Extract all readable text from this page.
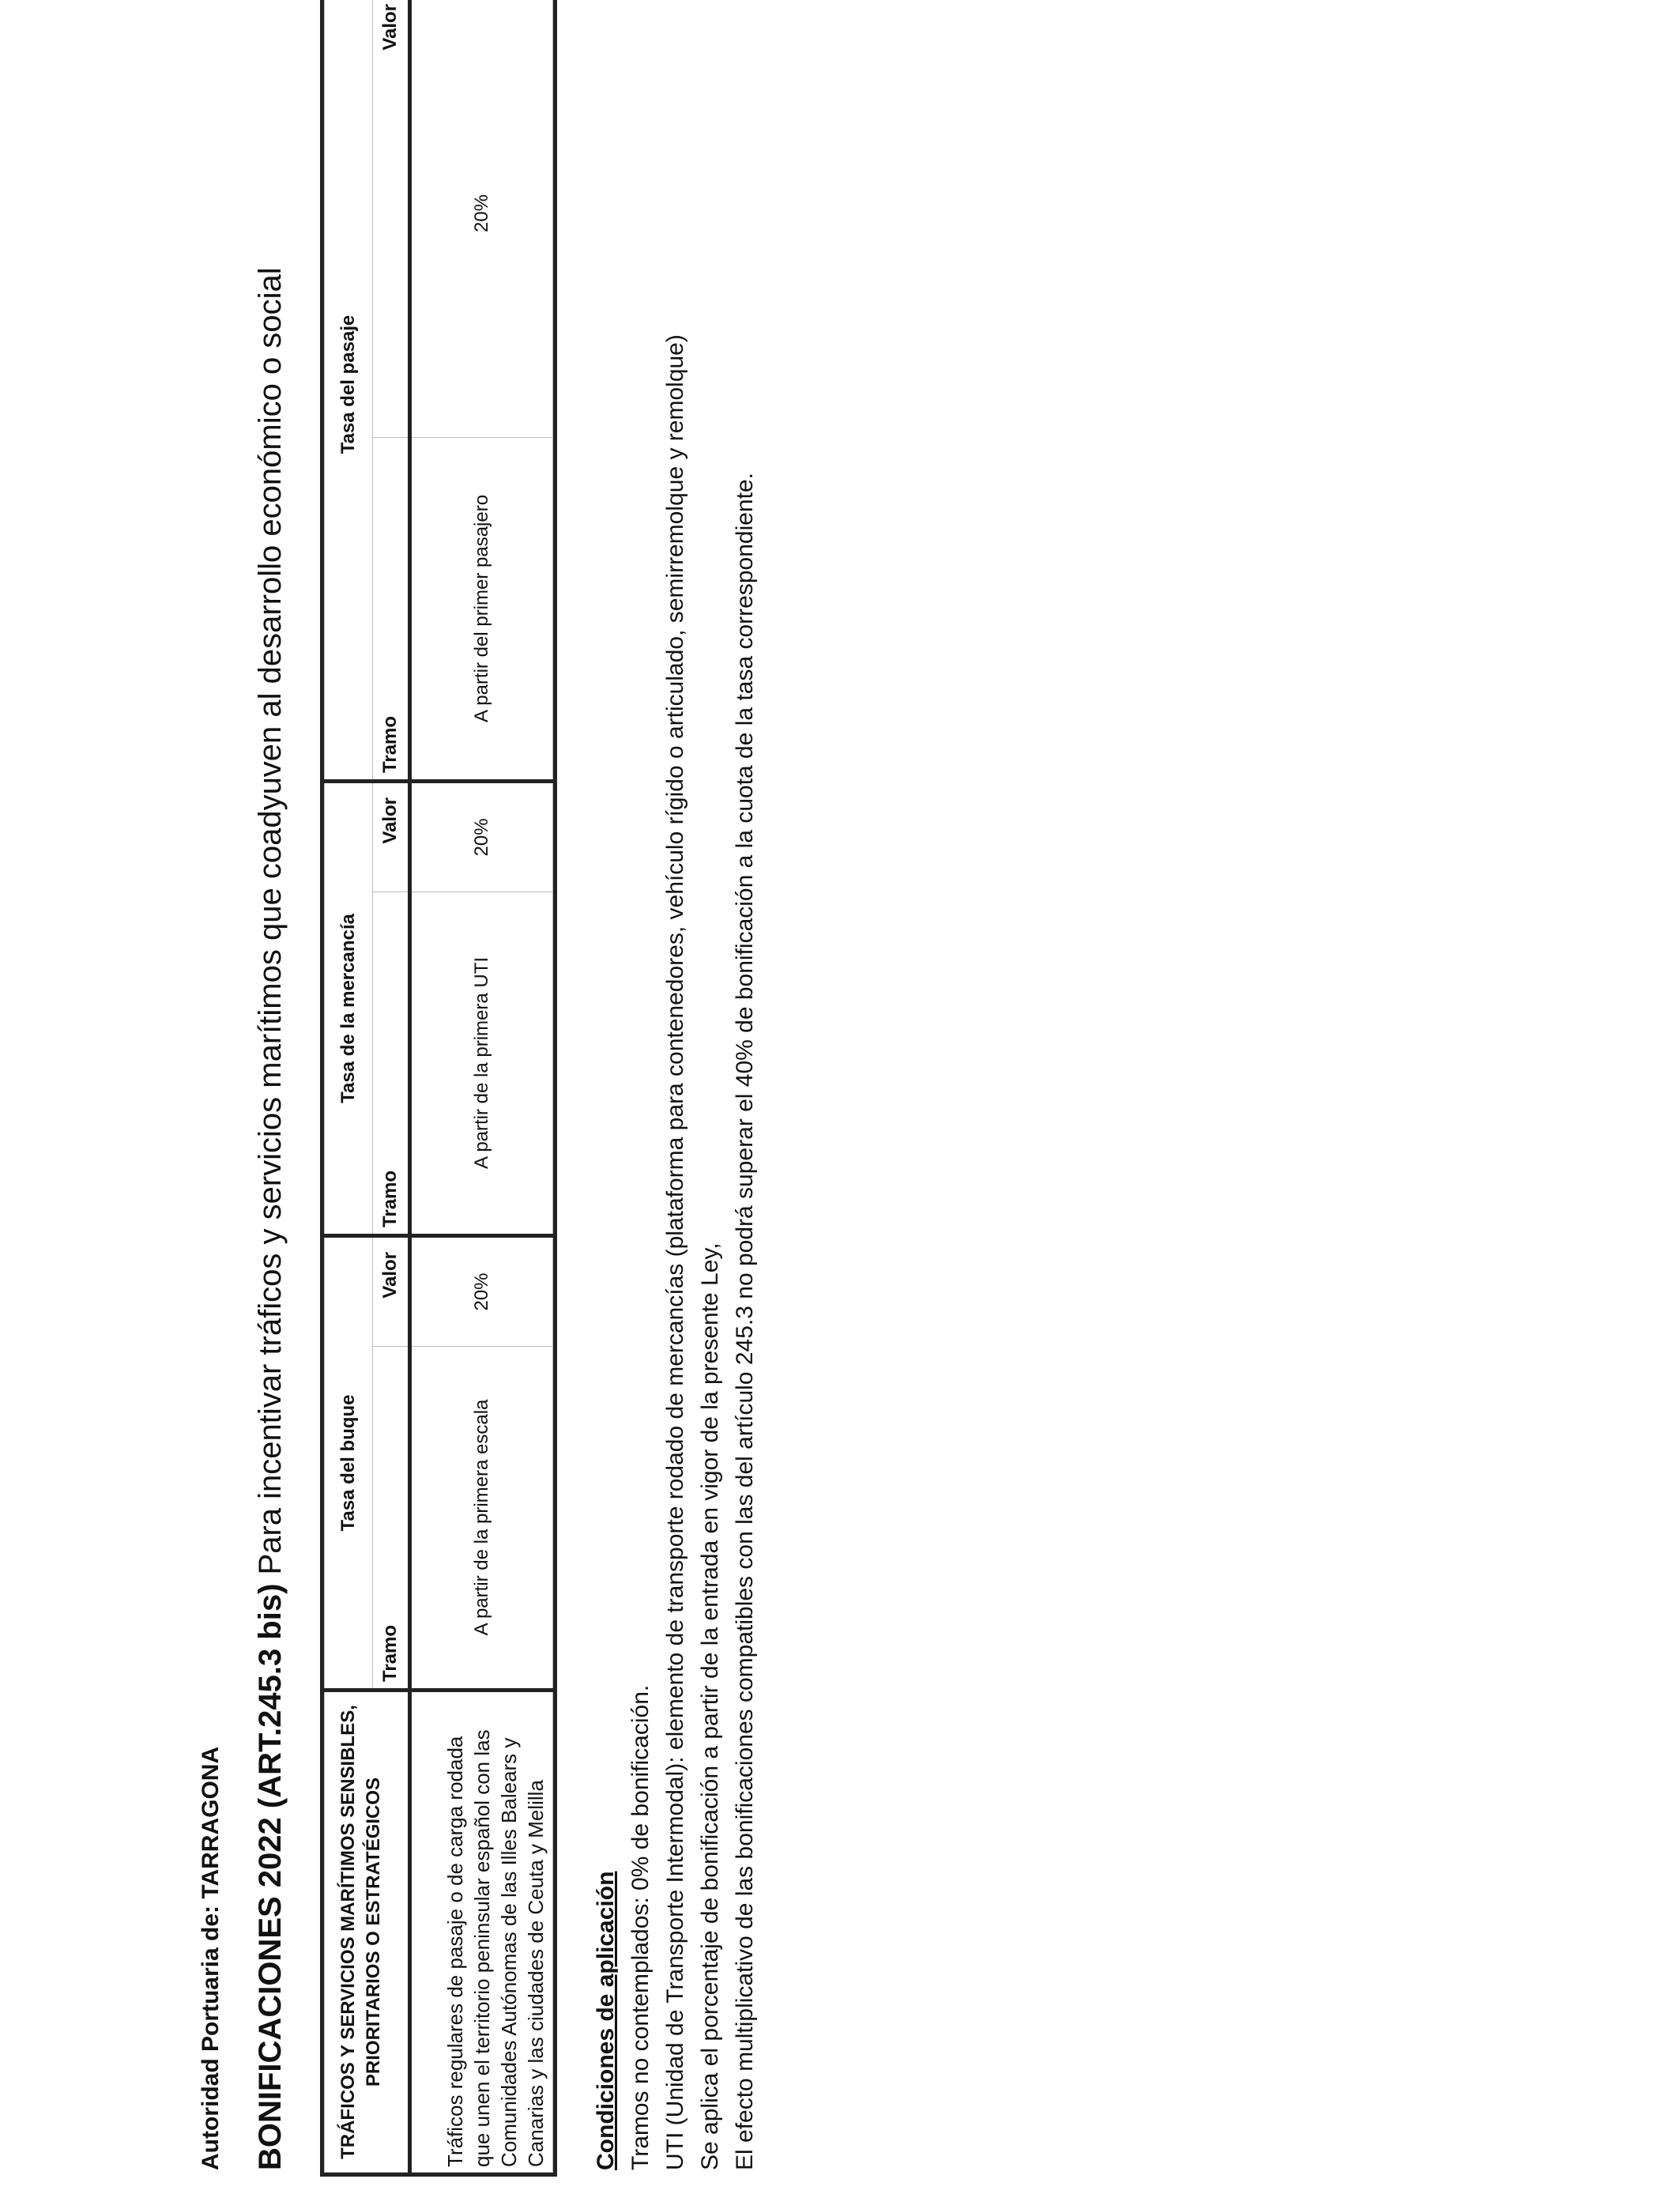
Autoridad Portuaria de: TARRAGONA BONIFICACIONES 2022 (ART.245.3 bis) Para incentivar tráficos y servicios marítimos que coadyuven al desarrollo económico o social
TRÁFICOS Y SERVICIOS MARÍTIMOS SENSIBLES, PRIORITARIOS O ESTRATÉGICOS	Tasa del buque		Tasa de la mercancía		Tasa del pasaje	
	Tramo	Valor	Tramo	Valor	Tramo	Valor
Tráficos regulares de pasaje o de carga rodada que unen el territorio peninsular español con las Comunidades Autónomas de las Illes Balears y Canarias y las ciudades de Ceuta y Melilla	A partir de la primera escala	20%	A partir de la primera UTI	20%	A partir del primer pasajero	20%
Condiciones de aplicación Tramos no contemplados: 0% de bonificación. UTI (Unidad de Transporte Intermodal): elemento de transporte rodado de mercancías (plataforma para contenedores, vehículo rígido o articulado, semirremolque y remolque) Se aplica el porcentaje de bonificación a partir de la entrada en vigor de la presente Ley, El efecto multiplicativo de las bonificaciones compatibles con las del artículo 245.3 no podrá superar el 40% de bonificación a la cuota de la tasa correspondiente.
